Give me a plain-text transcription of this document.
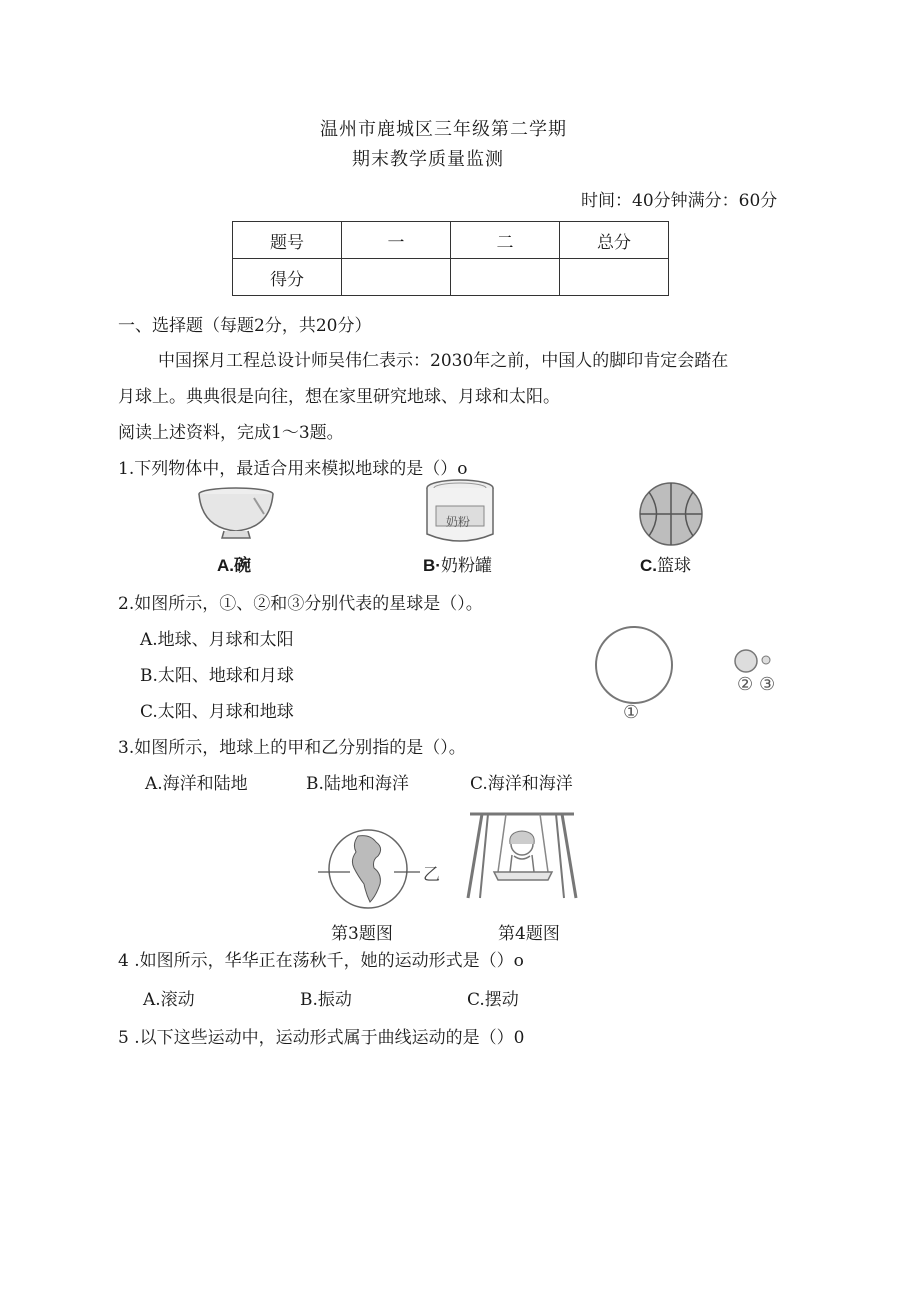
温州市鹿城区三年级第二学期
期末教学质量监测
时间：40分钟满分：60分
题号	一	二	总分
得分			
一、选择题（每题2分，共20分）
中国探月工程总设计师吴伟仁表示：2030年之前，中国人的脚印肯定会踏在
月球上。典典很是向往，想在家里研究地球、月球和太阳。
阅读上述资料，完成1～3题。
1.下列物体中，最适合用来模拟地球的是（）o
A.碗
奶粉
B·奶粉罐	C.篮球
2.如图所示，①、②和③分别代表的星球是（）。
A.地球、月球和太阳
B.太阳、地球和月球
C.太阳、月球和地球	①
② ③
3.如图所示，地球上的甲和乙分别指的是（）。
A.海洋和陆地	B.陆地和海洋	C.海洋和海洋
乙
第3题图	第4题图
4 .如图所示，华华正在荡秋千，她的运动形式是（）o
A.滚动	B.振动	C.摆动
5 .以下这些运动中，运动形式属于曲线运动的是（）0
